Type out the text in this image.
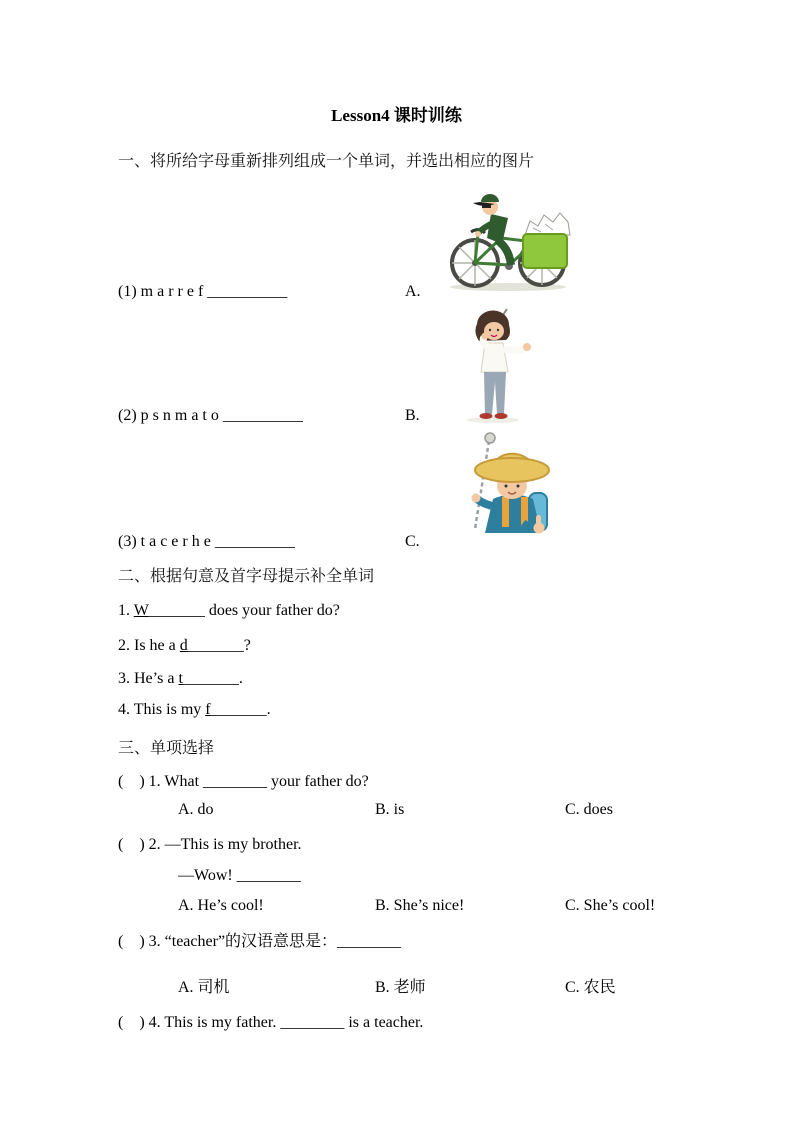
Lesson4 课时训练
一、将所给字母重新排列组成一个单词，并选出相应的图片
(1) m a r r e f __________	A.
(2) p s n m a t o __________	B.
(3) t a c e r h e __________	C.
二、根据句意及首字母提示补全单词
1. W_______ does your father do?
2. Is he a d_______?
3. He’s a t_______.
4. This is my f_______.
三、单项选择
(    ) 1. What ________ your father do?
A. do	B. is	C. does
(    ) 2. —This is my brother.
—Wow! ________
A. He’s cool!	B. She’s nice!	C. She’s cool!
(    ) 3. “teacher”的汉语意思是：________
A. 司机	B. 老师	C. 农民
(    ) 4. This is my father. ________ is a teacher.
